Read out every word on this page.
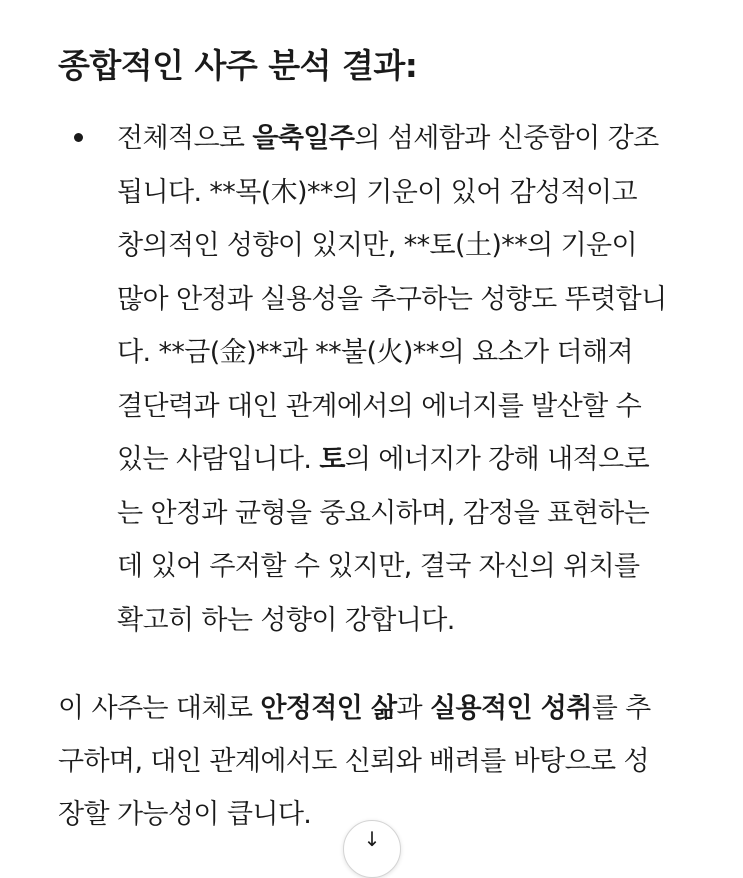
종합적인 사주 분석 결과:
전체적으로 을축일주의 섬세함과 신중함이 강조
됩니다. **목(木)**의 기운이 있어 감성적이고
창의적인 성향이 있지만, **토(土)**의 기운이
많아 안정과 실용성을 추구하는 성향도 뚜렷합니
다. **금(金)**과 **불(火)**의 요소가 더해져
결단력과 대인 관계에서의 에너지를 발산할 수
있는 사람입니다. 토의 에너지가 강해 내적으로
는 안정과 균형을 중요시하며, 감정을 표현하는
데 있어 주저할 수 있지만, 결국 자신의 위치를
확고히 하는 성향이 강합니다.
이 사주는 대체로 안정적인 삶과 실용적인 성취를 추
구하며, 대인 관계에서도 신뢰와 배려를 바탕으로 성
장할 가능성이 큽니다.
↓
